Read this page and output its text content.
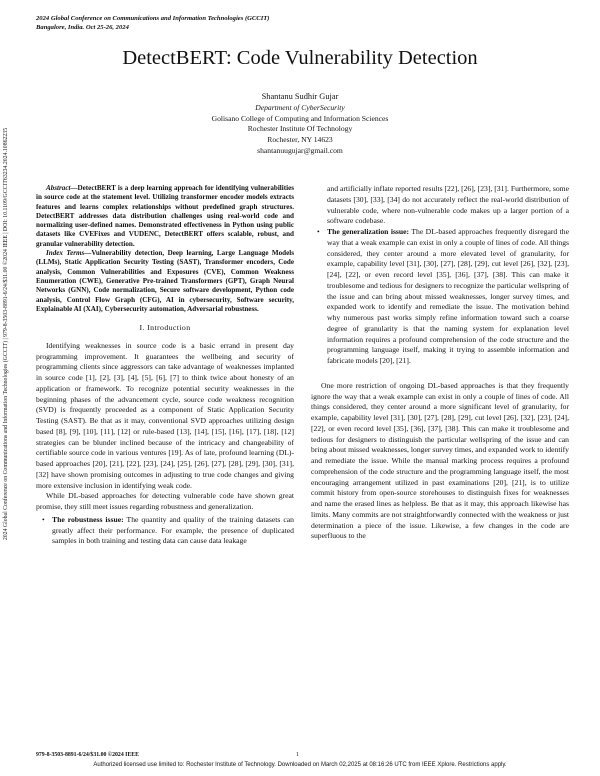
2024 Global Conference on Communications and Information Technologies (GCCIT)
Bangalore, India. Oct 25-26, 2024
2024 Global Conference on Communications and Information Technologies (GCCIT) | 979-8-3503-8891-6/24/$31.00 ©2024 IEEE | DOI: 10.1109/GCCIT63234.2024.10862235
DetectBERT: Code Vulnerability Detection
Shantanu Sudhir Gujar
Department of CyberSecurity
Golisano College of Computing and Information Sciences
Rochester Institute Of Technology
Rochester, NY 14623
shantanuugujar@gmail.com

Abstract—DetectBERT is a deep learning approach for identifying vulnerabilities in source code at the statement level. Utilizing transformer encoder models extracts features and learns complex relationships without predefined graph structures. DetectBERT addresses data distribution challenges using real-world code and normalizing user-defined names. Demonstrated effectiveness in Python using public datasets like CVEFixes and VUDENC, DetectBERT offers scalable, robust, and granular vulnerability detection.

Index Terms—Vulnerability detection, Deep learning, Large Language Models (LLMs), Static Application Security Testing (SAST), Transformer encoders, Code analysis, Common Vulnerabilities and Exposures (CVE), Common Weakness Enumeration (CWE), Generative Pre-trained Transformers (GPT), Graph Neural Networks (GNN), Code normalization, Secure software development, Python code analysis, Control Flow Graph (CFG), AI in cybersecurity, Software security, Explainable AI (XAI), Cybersecurity automation, Adversarial robustness.

I. Introduction

Identifying weaknesses in source code is a basic errand in present day programming improvement. It guarantees the wellbeing and security of programming clients since aggressors can take advantage of weaknesses implanted in source code [1], [2], [3], [4], [5], [6], [7] to think twice about honesty of an application or framework. To recognize potential security weaknesses in the beginning phases of the advancement cycle, source code weakness recognition (SVD) is frequently proceeded as a component of Static Application Security Testing (SAST). Be that as it may, conventional SVD approaches utilizing design based [8], [9], [10], [11], [12] or rule-based [13], [14], [15], [16], [17], [18], [12] strategies can be blunder inclined because of the intricacy and changeability of certifiable source code in various ventures [19]. As of late, profound learning (DL)-based approaches [20], [21], [22], [23], [24], [25], [26], [27], [28], [29], [30], [31], [32] have shown promising outcomes in adjusting to true code changes and giving more extensive inclusion in identifying weak code.

While DL-based approaches for detecting vulnerable code have shown great promise, they still meet issues regarding robustness and generalization.

• The robustness issue: The quantity and quality of the training datasets can greatly affect their performance. For example, the presence of duplicated samples in both training and testing data can cause data leakage
and artificially inflate reported results [22], [26], [23], [31]. Furthermore, some datasets [30], [33], [34] do not accurately reflect the real-world distribution of vulnerable code, where non-vulnerable code makes up a larger portion of a software codebase.
• The generalization issue: The DL-based approaches frequently disregard the way that a weak example can exist in only a couple of lines of code. All things considered, they center around a more elevated level of granularity, for example, capability level [31], [30], [27], [28], [29], cut level [26], [32], [23], [24], [22], or even record level [35], [36], [37], [38]. This can make it troublesome and tedious for designers to recognize the particular wellspring of the issue and can bring about missed weaknesses, longer survey times, and expanded work to identify and remediate the issue. The motivation behind why numerous past works simply refine information toward such a coarse degree of granularity is that the naming system for explanation level information requires a profound comprehension of the code structure and the programming language itself, making it trying to assemble information and fabricate models [20], [21].

One more restriction of ongoing DL-based approaches is that they frequently ignore the way that a weak example can exist in only a couple of lines of code. All things considered, they center around a more significant level of granularity, for example, capability level [31], [30], [27], [28], [29], cut level [26], [32], [23], [24], [22], or even record level [35], [36], [37], [38]. This can make it troublesome and tedious for designers to distinguish the particular wellspring of the issue and can bring about missed weaknesses, longer survey times, and expanded work to identify and remediate the issue. While the manual marking process requires a profound comprehension of the code structure and the programming language itself, the most encouraging arrangement utilized in past examinations [20], [21], is to utilize commit history from open-source storehouses to distinguish fixes for weaknesses and name the erased lines as helpless. Be that as it may, this approach likewise has limits. Many commits are not straightforwardly connected with the weakness or just determination a piece of the issue. Likewise, a few changes in the code are superfluous to the

979-8-3503-8891-6/24/$31.00 ©2024 IEEE	1
Authorized licensed use limited to: Rochester Institute of Technology. Downloaded on March 02,2025 at 08:16:26 UTC from IEEE Xplore. Restrictions apply.
